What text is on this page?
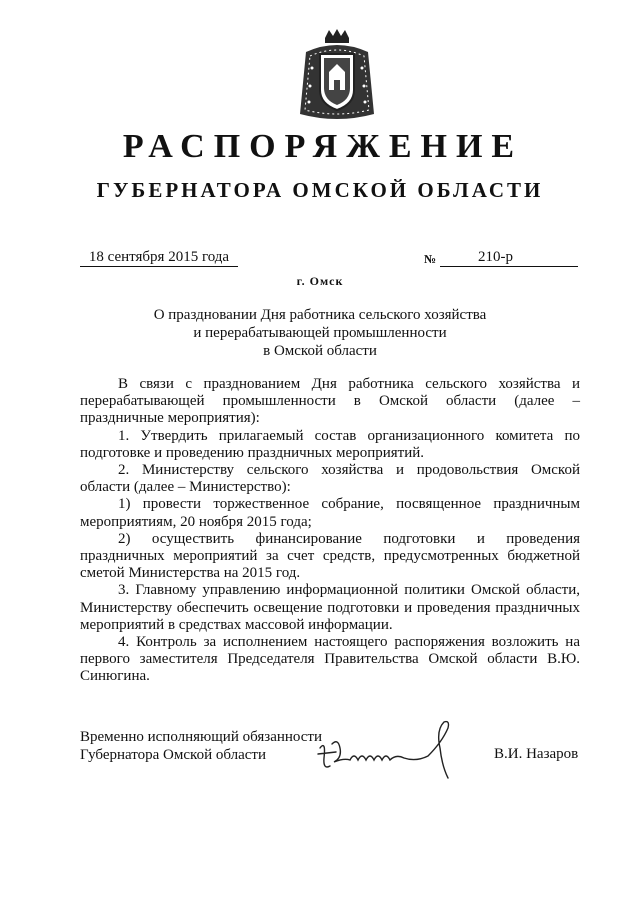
РАСПОРЯЖЕНИЕ
ГУБЕРНАТОРА ОМСКОЙ ОБЛАСТИ
18 сентября 2015 года	№	210-р
г. Омск
О праздновании Дня работника сельского хозяйства
и перерабатывающей промышленности
в Омской области

В связи с празднованием Дня работника сельского хозяйства и перерабатывающей промышленности в Омской области (далее – праздничные мероприятия):

1. Утвердить прилагаемый состав организационного комитета по подготовке и проведению праздничных мероприятий.

2. Министерству сельского хозяйства и продовольствия Омской области (далее – Министерство):

1) провести торжественное собрание, посвященное праздничным мероприятиям, 20 ноября 2015 года;

2) осуществить финансирование подготовки и проведения праздничных мероприятий за счет средств, предусмотренных бюджетной сметой Министерства на 2015 год.

3. Главному управлению информационной политики Омской области, Министерству обеспечить освещение подготовки и проведения праздничных мероприятий в средствах массовой информации.

4. Контроль за исполнением настоящего распоряжения возложить на первого заместителя Председателя Правительства Омской области В.Ю. Синюгина.

Временно исполняющий обязанности
Губернатора Омской области	В.И. Назаров
